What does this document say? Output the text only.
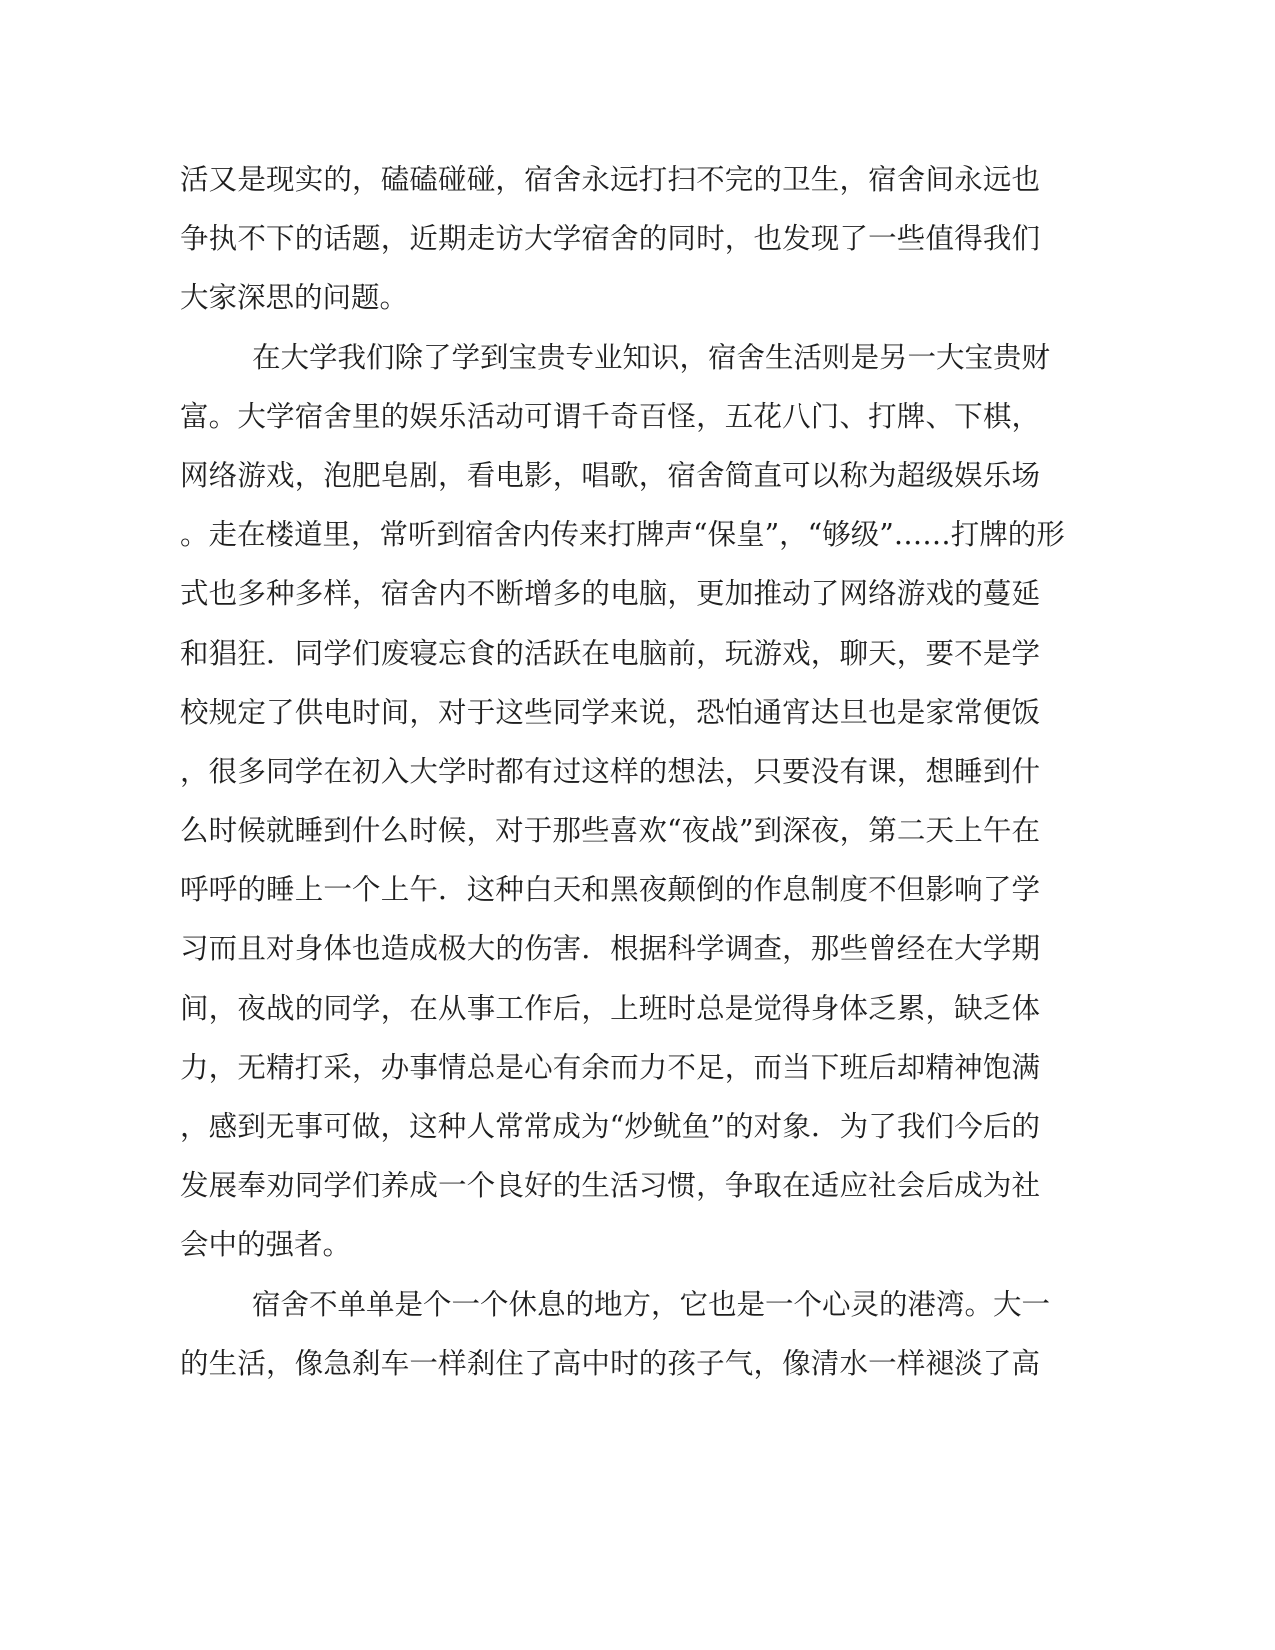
活又是现实的，磕磕碰碰，宿舍永远打扫不完的卫生，宿舍间永远也
争执不下的话题，近期走访大学宿舍的同时，也发现了一些值得我们
大家深思的问题。
在大学我们除了学到宝贵专业知识，宿舍生活则是另一大宝贵财
富。大学宿舍里的娱乐活动可谓千奇百怪，五花八门、打牌、下棋，
网络游戏，泡肥皂剧，看电影，唱歌，宿舍简直可以称为超级娱乐场
。走在楼道里，常听到宿舍内传来打牌声“保皇”，“够级”……打牌的形
式也多种多样，宿舍内不断增多的电脑，更加推动了网络游戏的蔓延
和猖狂．同学们废寝忘食的活跃在电脑前，玩游戏，聊天，要不是学
校规定了供电时间，对于这些同学来说，恐怕通宵达旦也是家常便饭
，很多同学在初入大学时都有过这样的想法，只要没有课，想睡到什
么时候就睡到什么时候，对于那些喜欢“夜战”到深夜，第二天上午在
呼呼的睡上一个上午．这种白天和黑夜颠倒的作息制度不但影响了学
习而且对身体也造成极大的伤害．根据科学调查，那些曾经在大学期
间，夜战的同学，在从事工作后，上班时总是觉得身体乏累，缺乏体
力，无精打采，办事情总是心有余而力不足，而当下班后却精神饱满
，感到无事可做，这种人常常成为“炒鱿鱼”的对象．为了我们今后的
发展奉劝同学们养成一个良好的生活习惯，争取在适应社会后成为社
会中的强者。
宿舍不单单是个一个休息的地方，它也是一个心灵的港湾。大一
的生活，像急刹车一样刹住了高中时的孩子气，像清水一样褪淡了高
